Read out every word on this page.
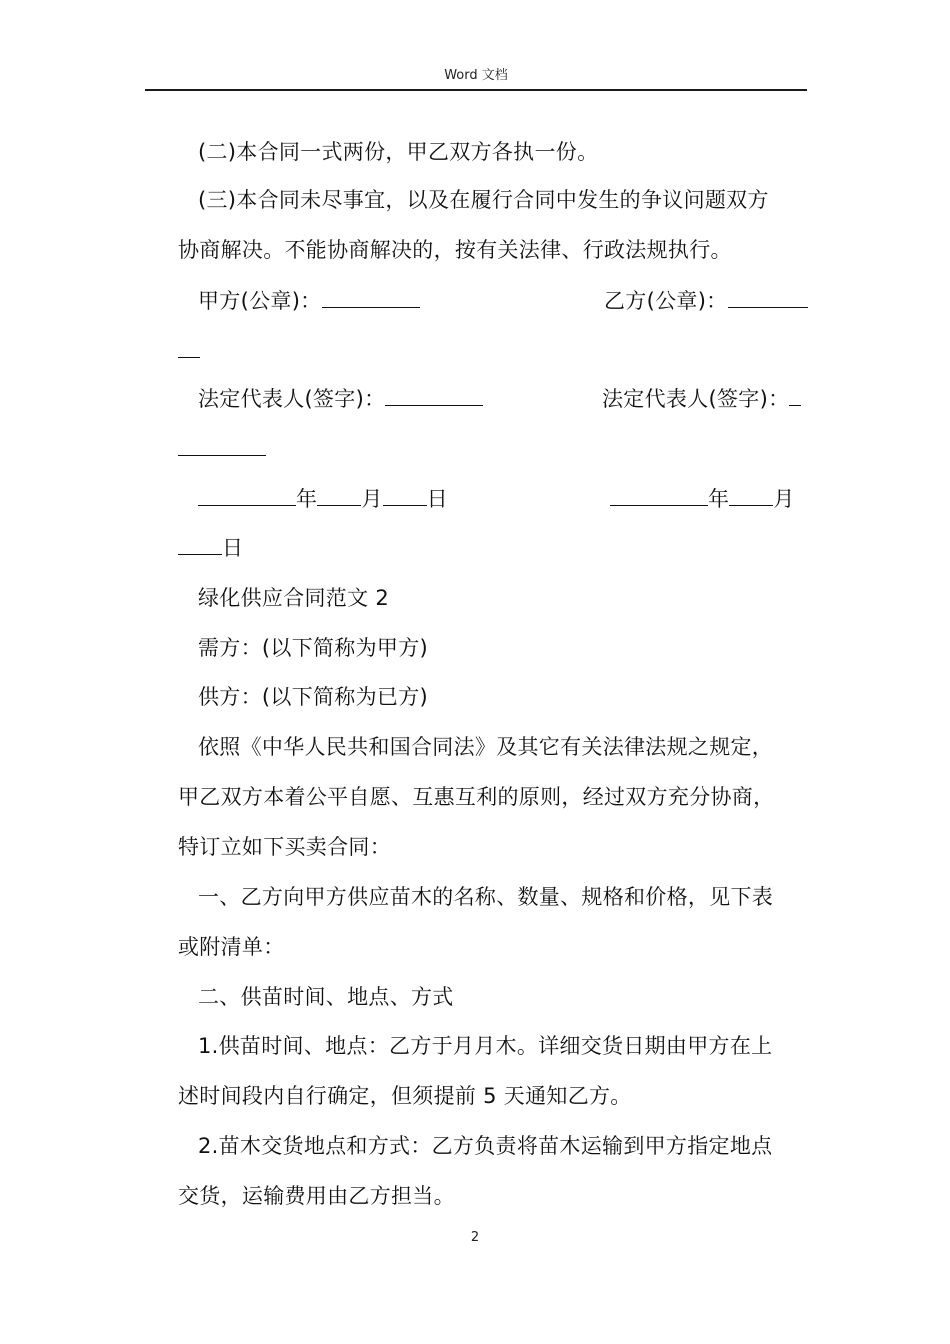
Word 文档
(二)本合同一式两份，甲乙双方各执一份。
(三)本合同未尽事宜，以及在履行合同中发生的争议问题双方
协商解决。不能协商解决的，按有关法律、行政法规执行。
甲方(公章)：	乙方(公章)：
法定代表人(签字)：	法定代表人(签字)：
年 月 日	年 月
日
绿化供应合同范文 2
需方：(以下简称为甲方)
供方：(以下简称为已方)
依照《中华人民共和国合同法》及其它有关法律法规之规定，
甲乙双方本着公平自愿、互惠互利的原则，经过双方充分协商，
特订立如下买卖合同：
一、乙方向甲方供应苗木的名称、数量、规格和价格，见下表
或附清单：
二、供苗时间、地点、方式
1.供苗时间、地点：乙方于月月木。详细交货日期由甲方在上
述时间段内自行确定，但须提前 5 天通知乙方。
2.苗木交货地点和方式：乙方负责将苗木运输到甲方指定地点
交货，运输费用由乙方担当。
2
